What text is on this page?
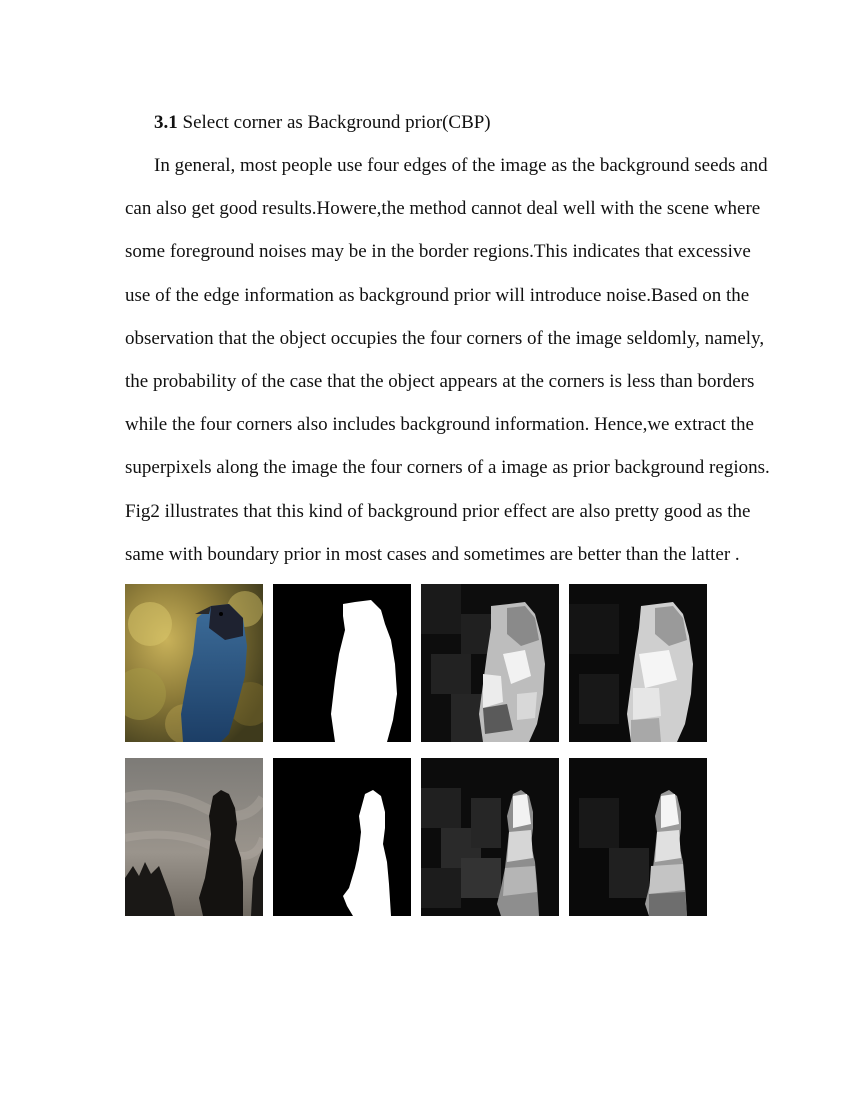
3.1 Select corner as Background prior(CBP)
In general, most people use four edges of the image as the background seeds and
can also get good results.Howere,the method cannot deal well with the scene where
some foreground noises may be in the border regions.This indicates that excessive
use of the edge information as background prior will introduce noise.Based on the
observation that the object occupies the four corners of the image seldomly, namely,
the probability of the case that the object appears at the corners is less than borders
while the four corners also includes background information. Hence,we extract the
superpixels along the image the four corners of a image as prior background regions.
Fig2 illustrates that this kind of background prior effect are also pretty good as the
same with boundary prior in most cases and sometimes are better than the latter .
